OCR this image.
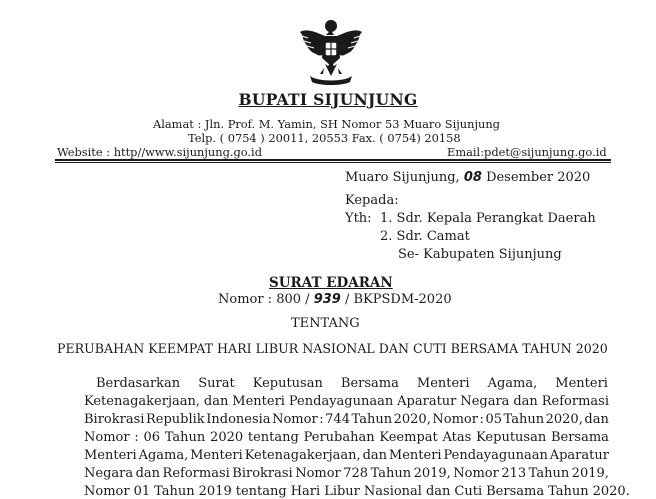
BUPATI SIJUNJUNG
Alamat : Jln. Prof. M. Yamin, SH Nomor 53 Muaro Sijunjung
Telp. ( 0754 ) 20011, 20553 Fax. ( 0754) 20158
Website : http//www.sijunjung.go.id	Email:pdet@sijunjung.go.id
Muaro Sijunjung, 08 Desember 2020
Kepada:
Yth: 1. Sdr. Kepala Perangkat Daerah
2. Sdr. Camat
Se- Kabupaten Sijunjung
SURAT EDARAN
Nomor : 800 / 939 / BKPSDM-2020
TENTANG
PERUBAHAN KEEMPAT HARI LIBUR NASIONAL DAN CUTI BERSAMA TAHUN 2020
Berdasarkan Surat Keputusan Bersama Menteri Agama, Menteri
Ketenagakerjaan, dan Menteri Pendayagunaan Aparatur Negara dan Reformasi
Birokrasi Republik Indonesia Nomor : 744 Tahun 2020, Nomor : 05 Tahun 2020, dan
Nomor : 06 Tahun 2020 tentang Perubahan Keempat Atas Keputusan Bersama
Menteri Agama, Menteri Ketenagakerjaan, dan Menteri Pendayagunaan Aparatur
Negara dan Reformasi Birokrasi Nomor 728 Tahun 2019, Nomor 213 Tahun 2019,
Nomor 01 Tahun 2019 tentang Hari Libur Nasional dan Cuti Bersama Tahun 2020.
